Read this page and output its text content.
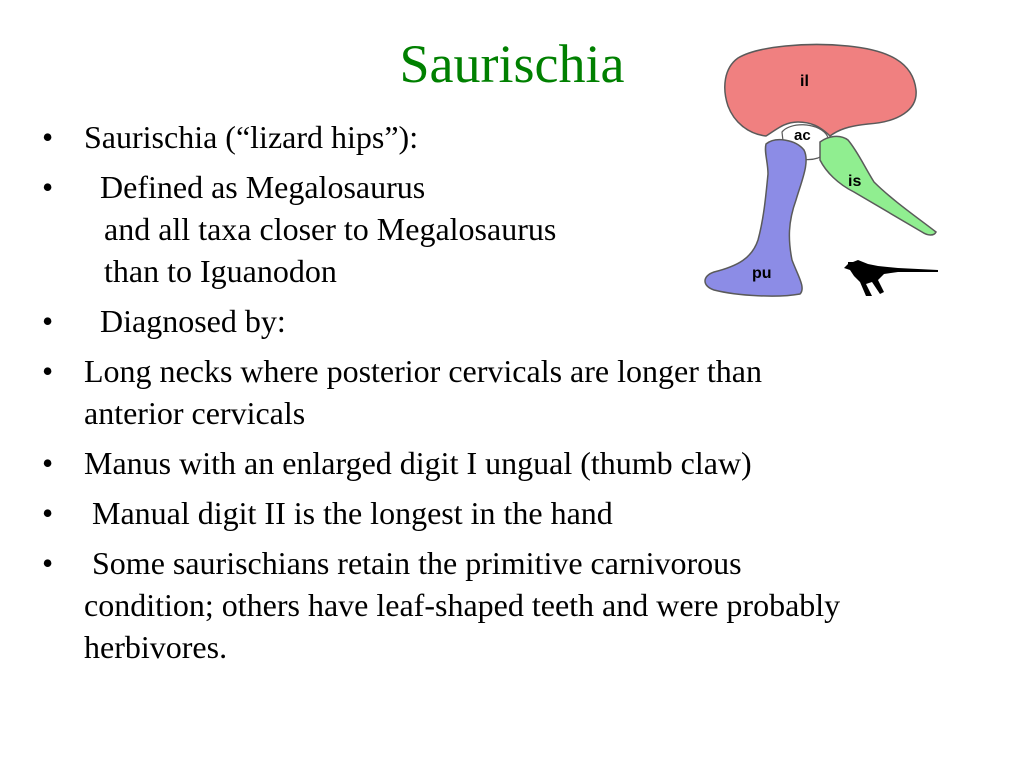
Saurischia
• Saurischia (“lizard hips”):
• Defined as Megalosaurus
and all taxa closer to Megalosaurus
than to Iguanodon
• Diagnosed by:
• Long necks where posterior cervicals are longer than anterior cervicals
• Manus with an enlarged digit I ungual (thumb claw)
• Manual digit II is the longest in the hand
• Some saurischians retain the primitive carnivorous condition; others have leaf-shaped teeth and were probably herbivores.
il
ac
is
pu
